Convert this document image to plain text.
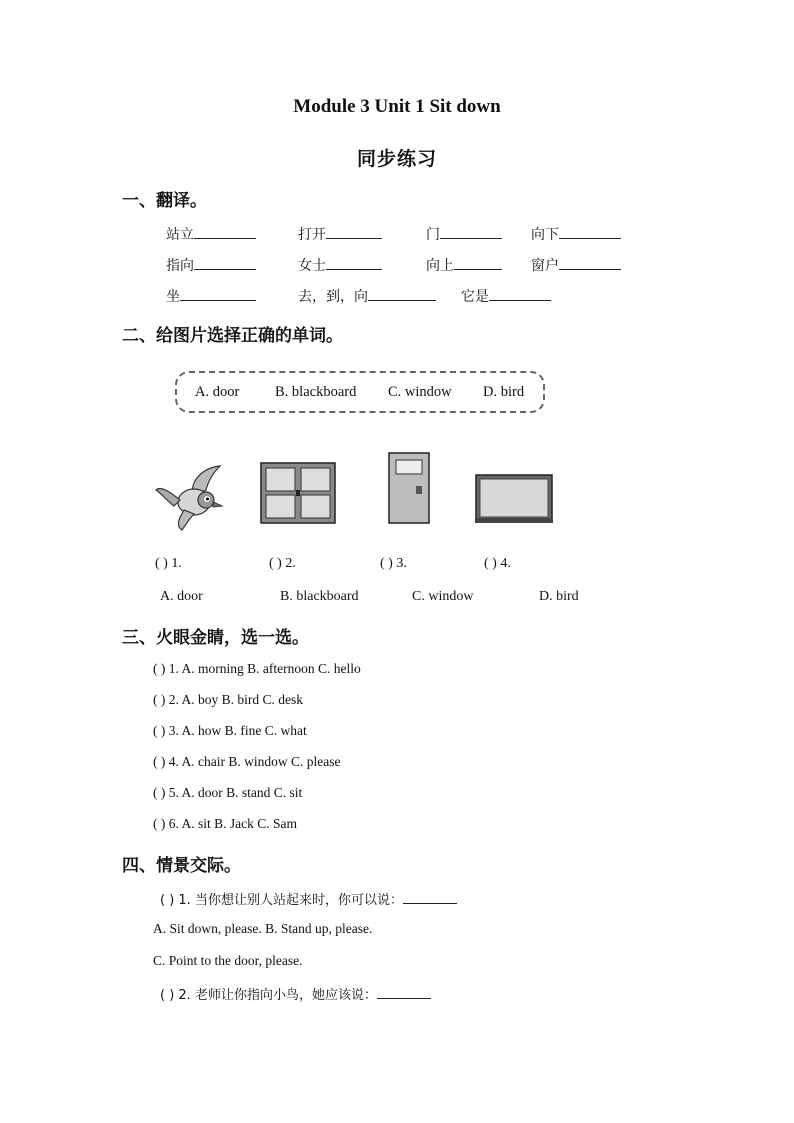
Module 3 Unit 1 Sit down
同步练习
一、翻译。
站立	打开	门	向下
指向	女士	向上	窗户
坐	去，到，向	它是
二、给图片选择正确的单词。
A. door B. blackboard C. window D. bird
( ) 1.	( ) 2.	( ) 3.	( ) 4.
A. door	B. blackboard	C. window	D. bird
三、火眼金睛，选一选。
( ) 1. A. morning B. afternoon C. hello
( ) 2. A. boy B. bird C. desk
( ) 3. A. how B. fine C. what
( ) 4. A. chair B. window C. please
( ) 5. A. door B. stand C. sit
( ) 6. A. sit B. Jack C. Sam
四、情景交际。
( ) 1. 当你想让别人站起来时，你可以说：
A. Sit down, please. B. Stand up, please.
C. Point to the door, please.
( ) 2. 老师让你指向小鸟，她应该说：
